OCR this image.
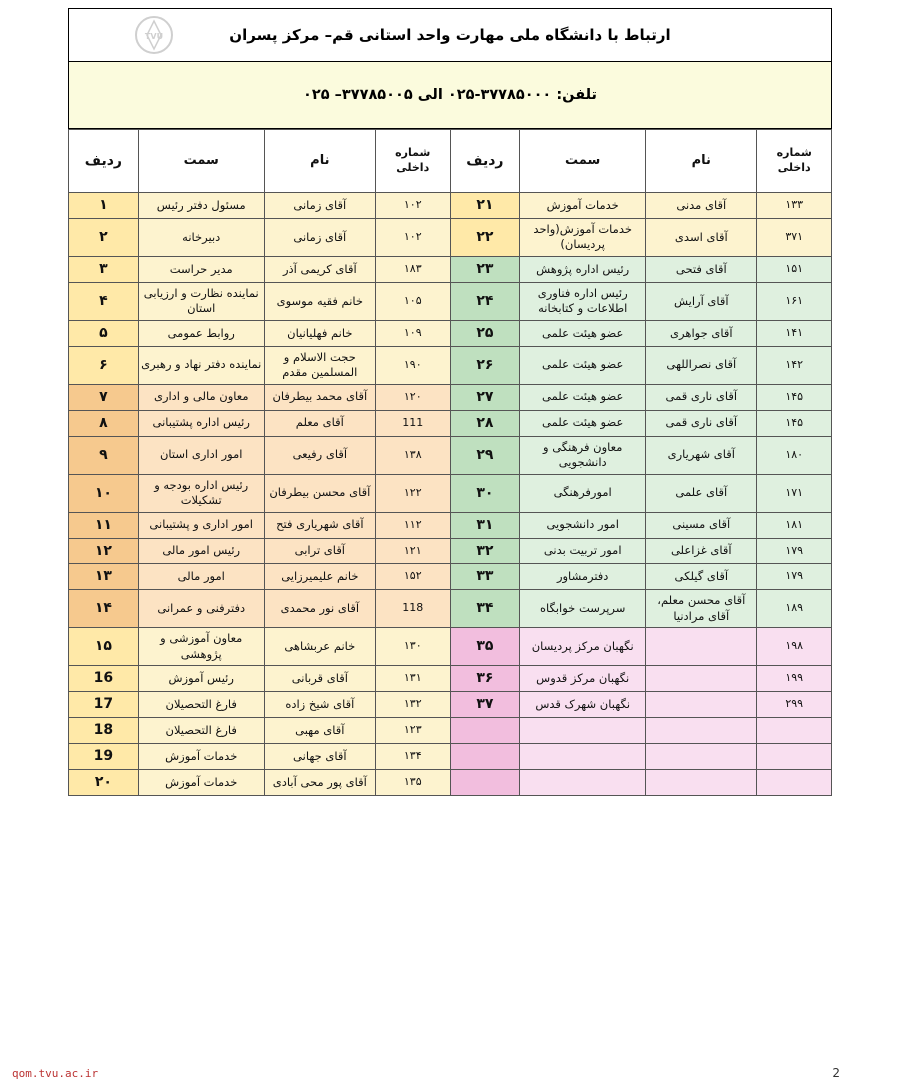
TVU	ارتباط با دانشگاه ملی مهارت واحد استانی قم– مرکز پسران
تلفن: ۳۷۷۸۵۰۰۰-۰۲۵ الی ۳۷۷۸۵۰۰۵– ۰۲۵
شماره داخلی	نام	سمت	ردیف	شماره داخلی	نام	سمت	ردیف
۱۳۳	آقای مدنی	خدمات آموزش	۲۱	۱۰۲	آقای زمانی	مسئول دفتر رئیس	۱
۳۷۱	آقای اسدی	خدمات آموزش(واحد پردیسان)	۲۲	۱۰۲	آقای زمانی	دبیرخانه	۲
۱۵۱	آقای فتحی	رئیس اداره پژوهش	۲۳	۱۸۳	آقای کریمی آذر	مدیر حراست	۳
۱۶۱	آقای آرایش	رئیس اداره فناوری اطلاعات و کتابخانه	۲۴	۱۰۵	خانم فقیه موسوی	نماینده نظارت و ارزیابی استان	۴
۱۴۱	آقای جواهری	عضو هیئت علمی	۲۵	۱۰۹	خانم فهلیانیان	روابط عمومی	۵
۱۴۲	آقای نصراللهی	عضو هیئت علمی	۲۶	۱۹۰	حجت الاسلام و المسلمین مقدم	نماینده دفتر نهاد و رهبری	۶
۱۴۵	آقای ناری قمی	عضو هیئت علمی	۲۷	۱۲۰	آقای محمد بیطرفان	معاون مالی و اداری	۷
۱۴۵	آقای ناری قمی	عضو هیئت علمی	۲۸	111	آقای معلم	رئیس اداره پشتیبانی	۸
۱۸۰	آقای شهریاری	معاون فرهنگی و دانشجویی	۲۹	۱۳۸	آقای رفیعی	امور اداری استان	۹
۱۷۱	آقای علمی	امورفرهنگی	۳۰	۱۲۲	آقای محسن بیطرفان	رئیس اداره بودجه و تشکیلات	۱۰
۱۸۱	آقای مسینی	امور دانشجویی	۳۱	۱۱۲	آقای شهریاری فتح	امور اداری و پشتیبانی	۱۱
۱۷۹	آقای غزاعلی	امور تربیت بدنی	۳۲	۱۲۱	آقای ترابی	رئیس امور مالی	۱۲
۱۷۹	آقای گیلکی	دفترمشاور	۳۳	۱۵۲	خانم علیمیرزایی	امور مالی	۱۳
۱۸۹	آقای محسن معلم، آقای مرادنیا	سرپرست خوابگاه	۳۴	118	آقای نور محمدی	دفترفنی و عمرانی	۱۴
۱۹۸		نگهبان مرکز پردیسان	۳۵	۱۳۰	خانم عربشاهی	معاون آموزشی و پژوهشی	۱۵
۱۹۹		نگهبان مرکز قدوس	۳۶	۱۳۱	آقای قربانی	رئیس آموزش	16
۲۹۹		نگهبان شهرک قدس	۳۷	۱۳۲	آقای شیخ زاده	فارغ التحصیلان	17
				۱۲۳	آقای مهبی	فارغ التحصیلان	18
				۱۳۴	آقای جهانی	خدمات آموزش	19
				۱۳۵	آقای پور محی آبادی	خدمات آموزش	۲۰
qom.tvu.ac.ir	2
